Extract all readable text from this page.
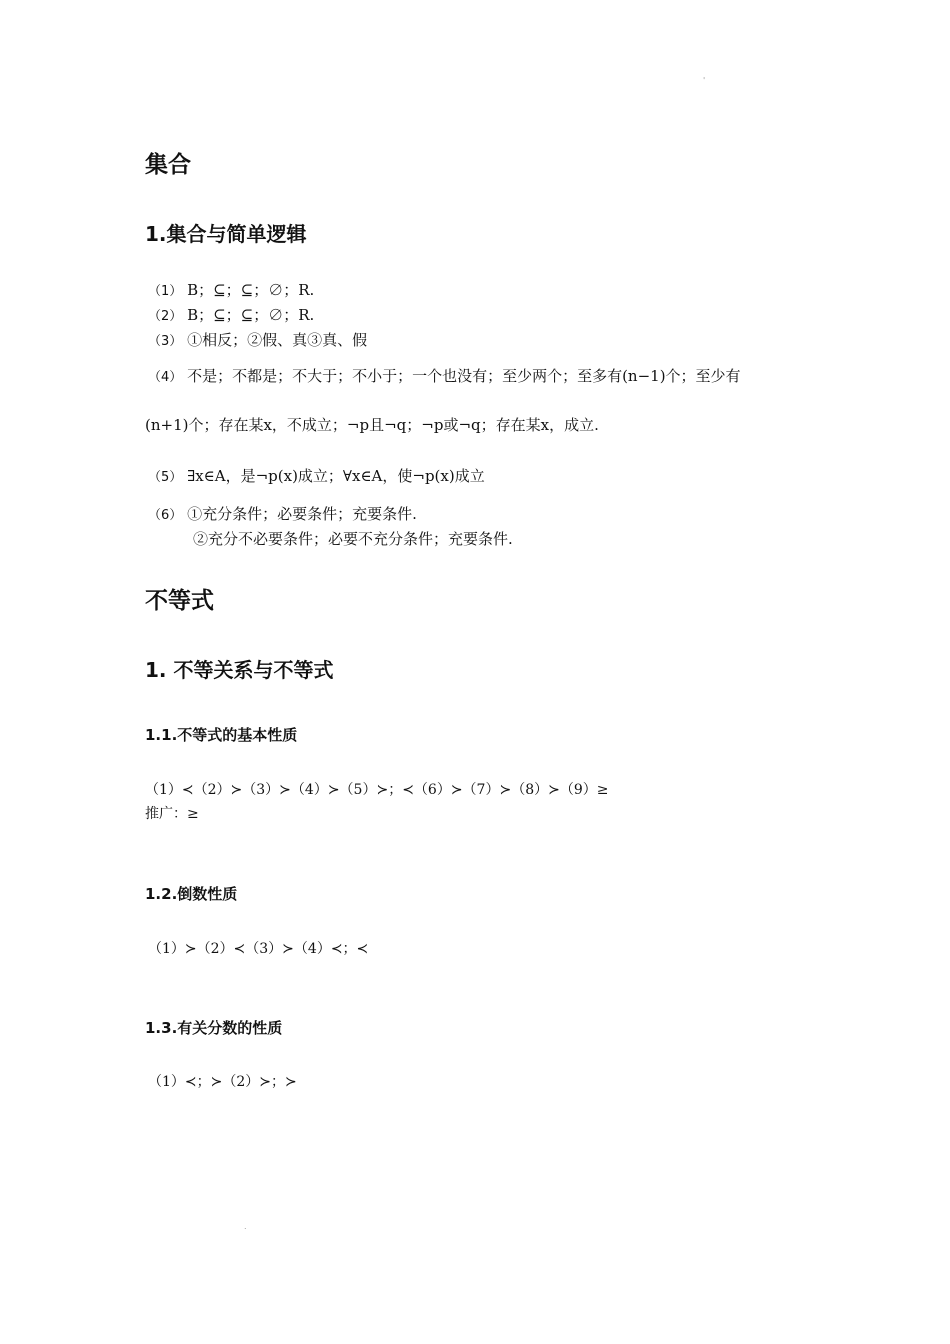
'
集合
1.集合与简单逻辑
（1） B；⊆；⊆；∅；R.
（2） B；⊆；⊆；∅；R.
（3） ①相反；②假、真③真、假
（4） 不是；不都是；不大于；不小于；一个也没有；至少两个；至多有(n−1)个；至少有
(n+1)个；存在某x，不成立；¬p且¬q；¬p或¬q；存在某x，成立.
（5） ∃x∈A，是¬p(x)成立；∀x∈A，使¬p(x)成立
（6） ①充分条件；必要条件；充要条件.
②充分不必要条件；必要不充分条件；充要条件.
不等式
1. 不等关系与不等式
1.1.不等式的基本性质
（1）≺（2）≻（3）≻（4）≻（5）≻；≺（6）≻（7）≻（8）≻（9）≥
推广：≥
1.2.倒数性质
（1）≻（2）≺（3）≻（4）≺；≺
1.3.有关分数的性质
（1）≺；≻（2）≻；≻
.
